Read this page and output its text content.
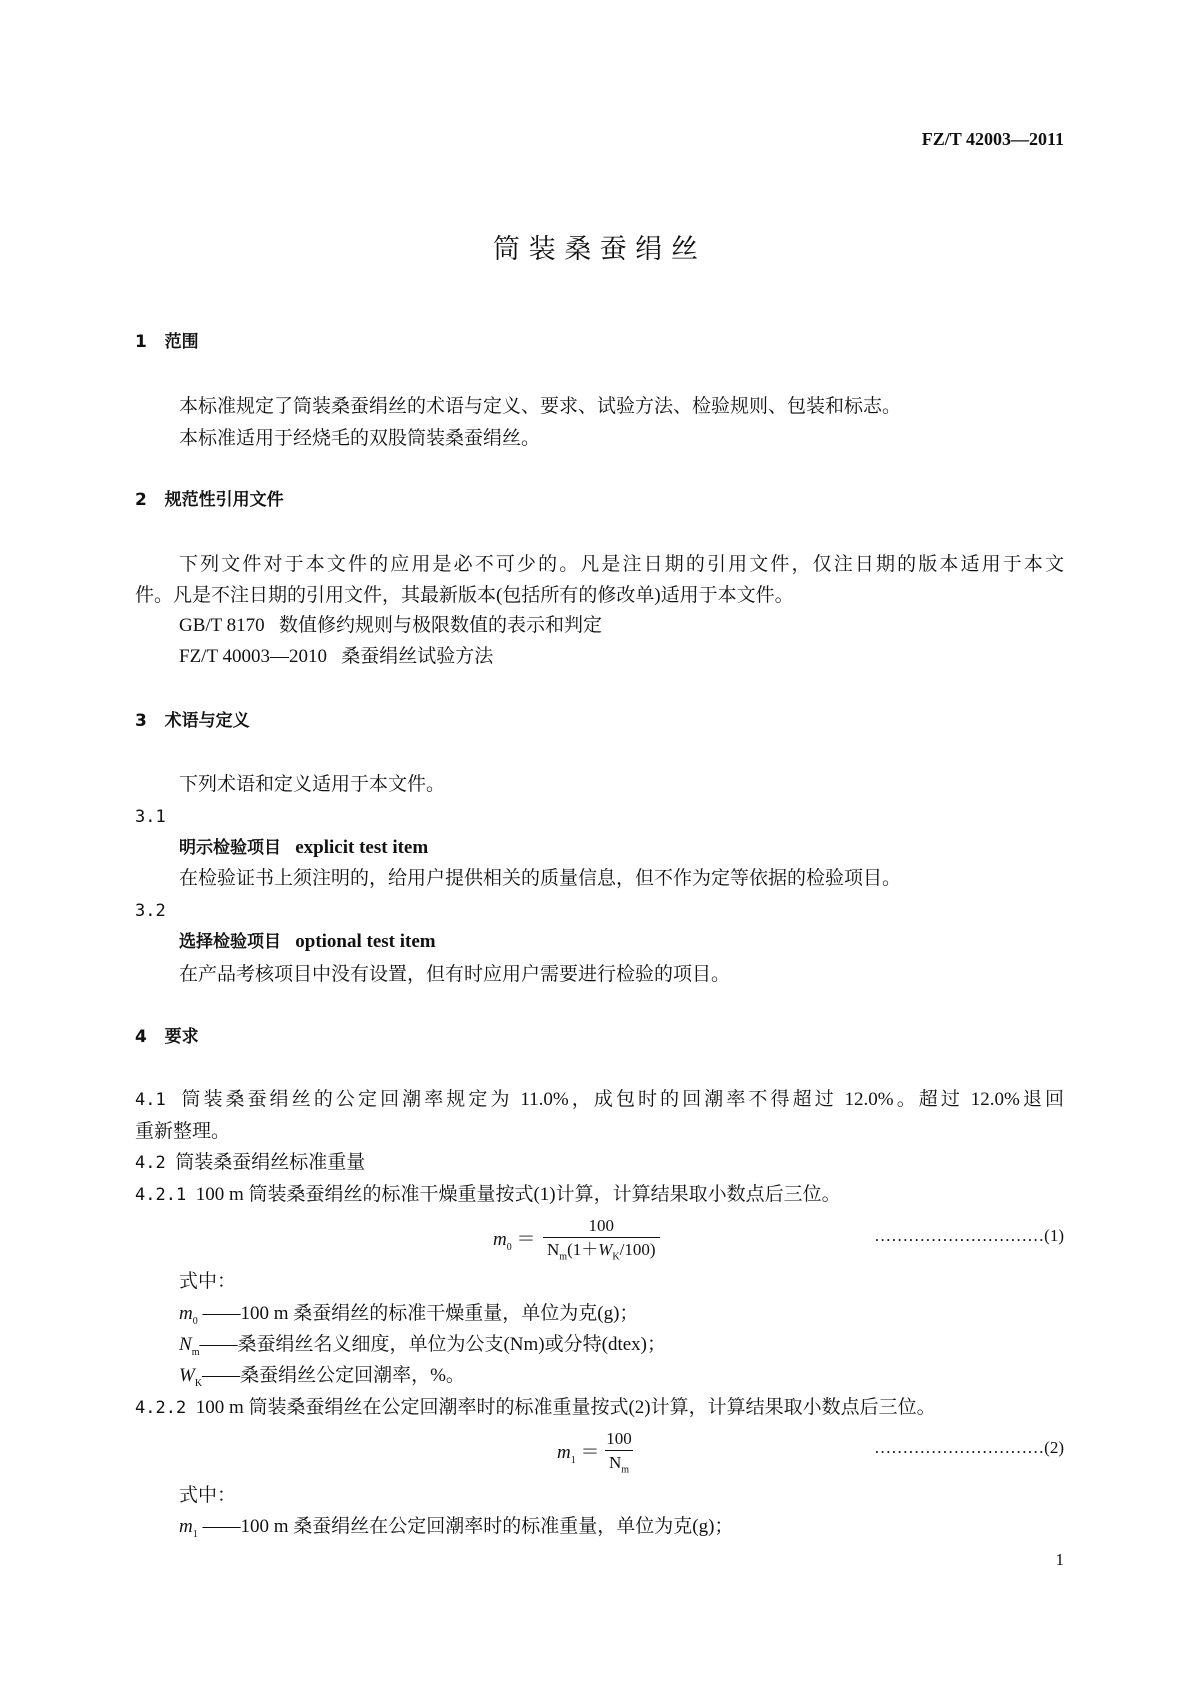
FZ/T 42003—2011
筒 装 桑 蚕 绢 丝
1 范围
本标准规定了筒装桑蚕绢丝的术语与定义、要求、试验方法、检验规则、包装和标志。
本标准适用于经烧毛的双股筒装桑蚕绢丝。
2 规范性引用文件
下列文件对于本文件的应用是必不可少的。凡是注日期的引用文件，仅注日期的版本适用于本文
件。凡是不注日期的引用文件，其最新版本(包括所有的修改单)适用于本文件。
GB/T 8170 数值修约规则与极限数值的表示和判定
FZ/T 40003—2010 桑蚕绢丝试验方法
3 术语与定义
下列术语和定义适用于本文件。
3.1
明示检验项目 explicit test item
在检验证书上须注明的，给用户提供相关的质量信息，但不作为定等依据的检验项目。
3.2
选择检验项目 optional test item
在产品考核项目中没有设置，但有时应用户需要进行检验的项目。
4 要求
4.1 筒装桑蚕绢丝的公定回潮率规定为 11.0%，成包时的回潮率不得超过 12.0%。超过 12.0%退回
重新整理。
4.2 筒装桑蚕绢丝标准重量
4.2.1 100 m 筒装桑蚕绢丝的标准干燥重量按式(1)计算，计算结果取小数点后三位。
$m_0 = \frac{100}{N_m(1+W_K/100)}$	…………………………(1)
式中：
$m_0$ ——100 m 桑蚕绢丝的标准干燥重量，单位为克(g)；
$N_m——$桑蚕绢丝名义细度，单位为公支(Nm)或分特(dtex)；
$W_K——$桑蚕绢丝公定回潮率，%。
4.2.2 100 m 筒装桑蚕绢丝在公定回潮率时的标准重量按式(2)计算，计算结果取小数点后三位。
$m_1 = \frac{100}{N_m}$	…………………………(2)
式中：
$m_1$ ——100 m 桑蚕绢丝在公定回潮率时的标准重量，单位为克(g)；
1
